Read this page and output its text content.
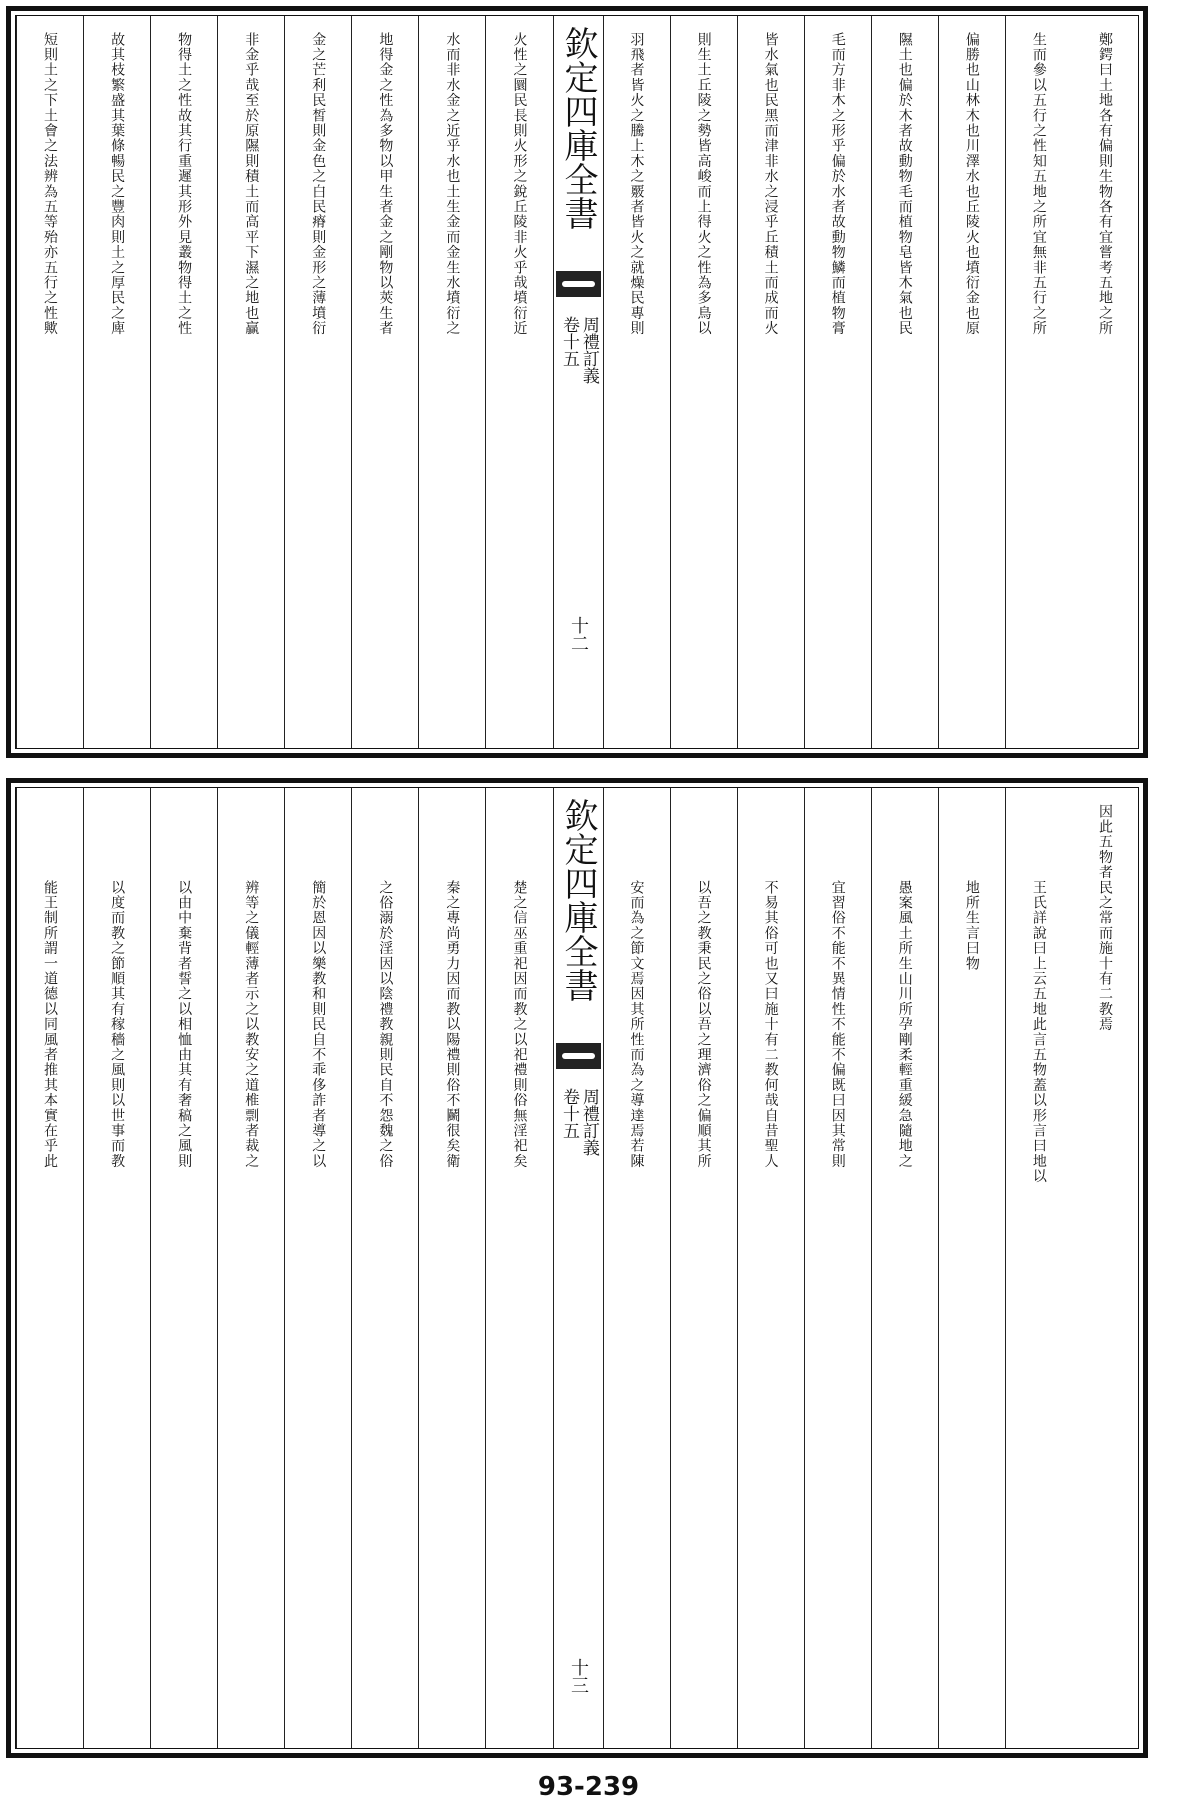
短則土之下土會之法辨為五等殆亦五行之性歟	故其枝繁盛其葉條暢民之豐肉則土之厚民之庳	物得土之性故其行重遲其形外見叢物得土之性	非金乎哉至於原隰則積土而高平下濕之地也贏	金之芒利民皙則金色之白民瘠則金形之薄墳衍	地得金之性為多物以甲生者金之剛物以莢生者	水而非水金之近乎水也土生金而金生水墳衍之	火性之圜民長則火形之銳丘陵非火乎哉墳衍近 欽定四庫全書
周禮訂義
卷十五
十二
羽飛者皆火之騰上木之覈者皆火之就燥民專則	則生土丘陵之勢皆高峻而上得火之性為多鳥以	皆水氣也民黑而津非水之浸乎丘積土而成而火	毛而方非木之形乎偏於水者故動物鱗而植物膏	隰土也偏於木者故動物毛而植物皂皆木氣也民	偏勝也山林木也川澤水也丘陵火也墳衍金也原	生而參以五行之性知五地之所宜無非五行之所	鄭鍔曰土地各有偏則生物各有宜嘗考五地之所
能王制所謂一道德以同風者推其本實在乎此	以度而教之節順其有稼穡之風則以世事而教	以由中棄背者誓之以相恤由其有奢稿之風則	辨等之儀輕薄者示之以教安之道椎剽者裁之	簡於恩因以樂教和則民自不乖侈詐者導之以	之俗溺於淫因以陰禮教親則民自不怨魏之俗	秦之專尚勇力因而教以陽禮則俗不鬭很矣衛	楚之信巫重祀因而教之以祀禮則俗無淫祀矣 欽定四庫全書
周禮訂義
卷十五
十三
安而為之節文焉因其所性而為之導達焉若陳	以吾之教秉民之俗以吾之理濟俗之偏順其所	不易其俗可也又曰施十有二教何哉自昔聖人	宜習俗不能不異情性不能不偏既曰因其常則	愚案風土所生山川所孕剛柔輕重緩急隨地之	地所生言曰物	王氏詳說曰上云五地此言五物蓋以形言曰地以	因此五物者民之常而施十有二教焉
93-239
